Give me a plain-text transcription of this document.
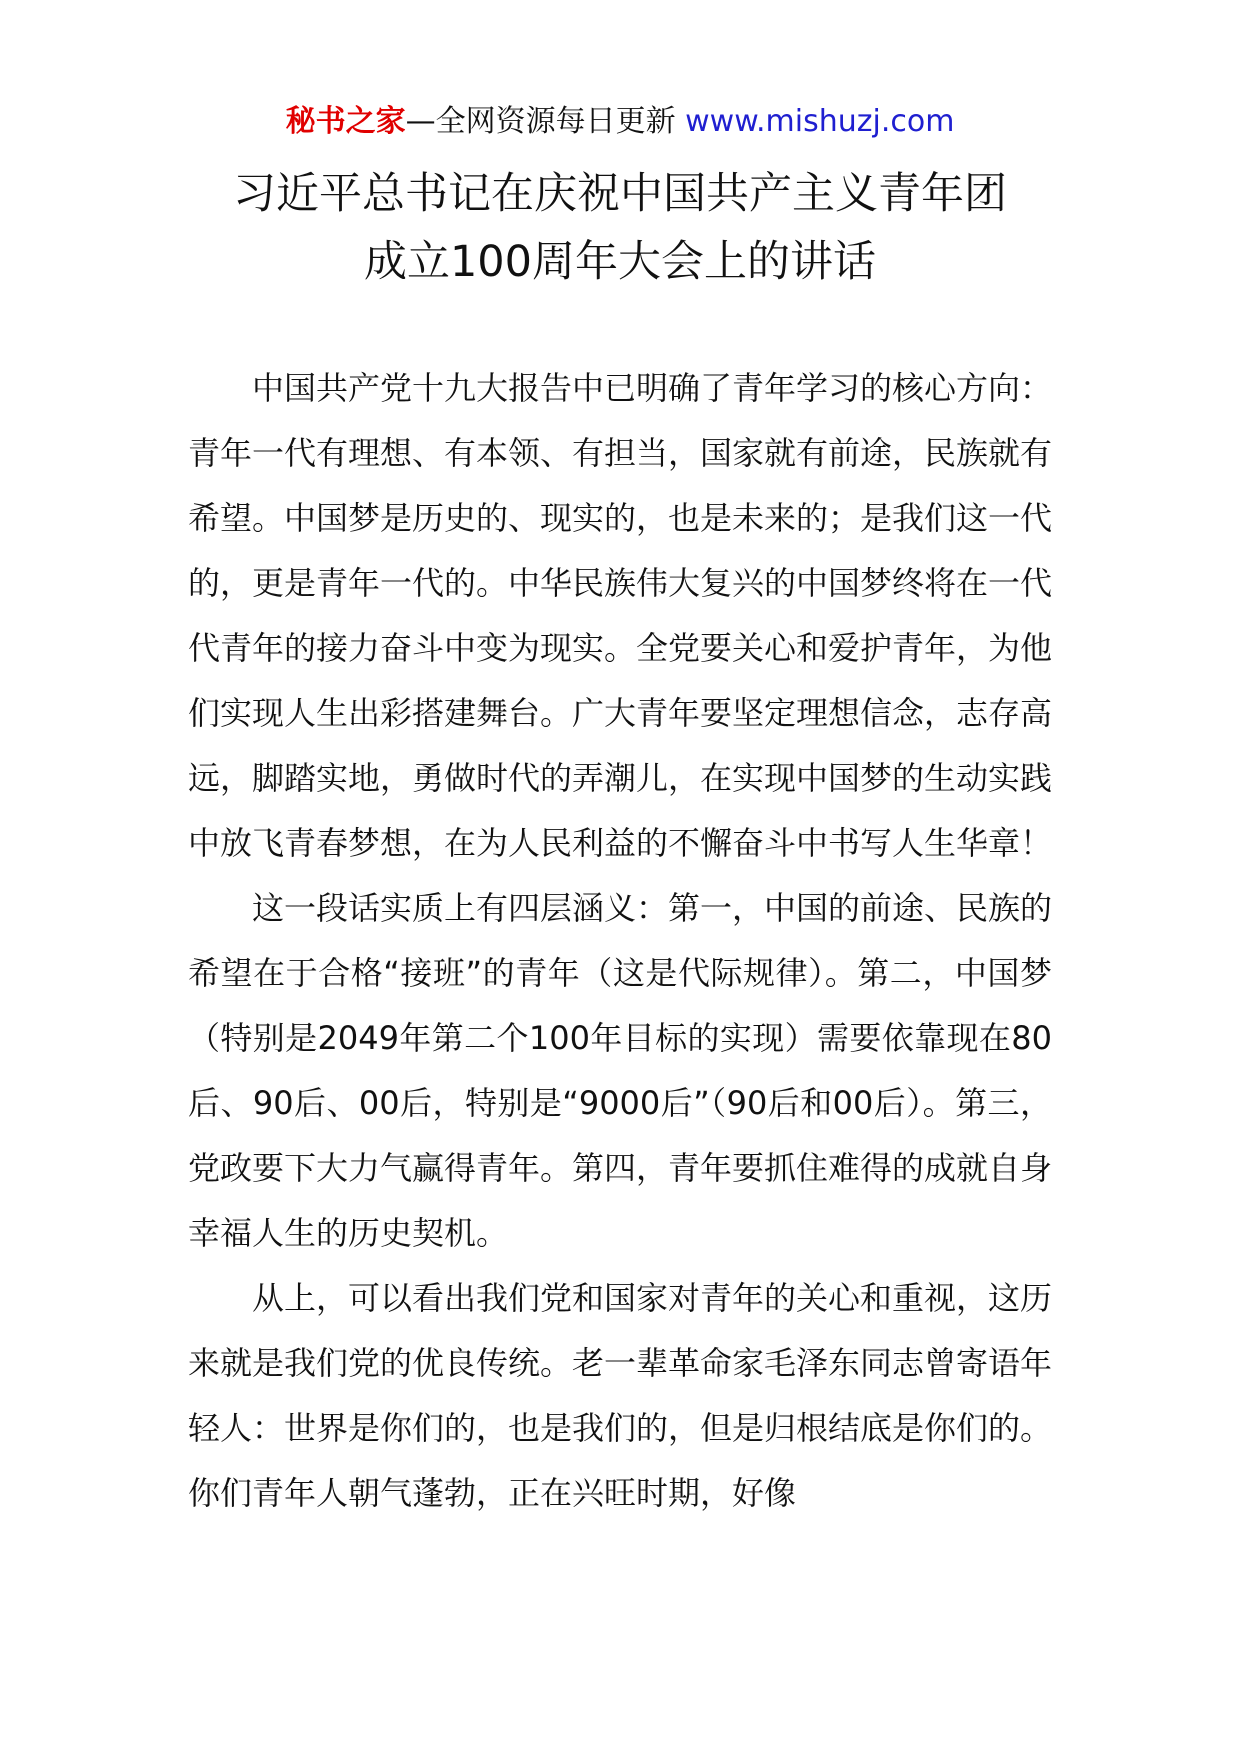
秘书之家—全网资源每日更新 www.mishuzj.com
习近平总书记在庆祝中国共产主义青年团
成立100周年大会上的讲话

中国共产党十九大报告中已明确了青年学习的核心方向：青年一代有理想、有本领、有担当，国家就有前途，民族就有希望。中国梦是历史的、现实的，也是未来的；是我们这一代的，更是青年一代的。中华民族伟大复兴的中国梦终将在一代代青年的接力奋斗中变为现实。全党要关心和爱护青年，为他们实现人生出彩搭建舞台。广大青年要坚定理想信念，志存高远，脚踏实地，勇做时代的弄潮儿，在实现中国梦的生动实践中放飞青春梦想，在为人民利益的不懈奋斗中书写人生华章！

这一段话实质上有四层涵义：第一，中国的前途、民族的希望在于合格“接班”的青年（这是代际规律）。第二，中国梦（特别是2049年第二个100年目标的实现）需要依靠现在80后、90后、00后，特别是“9000后”（90后和00后）。第三，党政要下大力气赢得青年。第四，青年要抓住难得的成就自身幸福人生的历史契机。

从上，可以看出我们党和国家对青年的关心和重视，这历来就是我们党的优良传统。老一辈革命家毛泽东同志曾寄语年轻人：世界是你们的，也是我们的，但是归根结底是你们的。你们青年人朝气蓬勃，正在兴旺时期，好像
